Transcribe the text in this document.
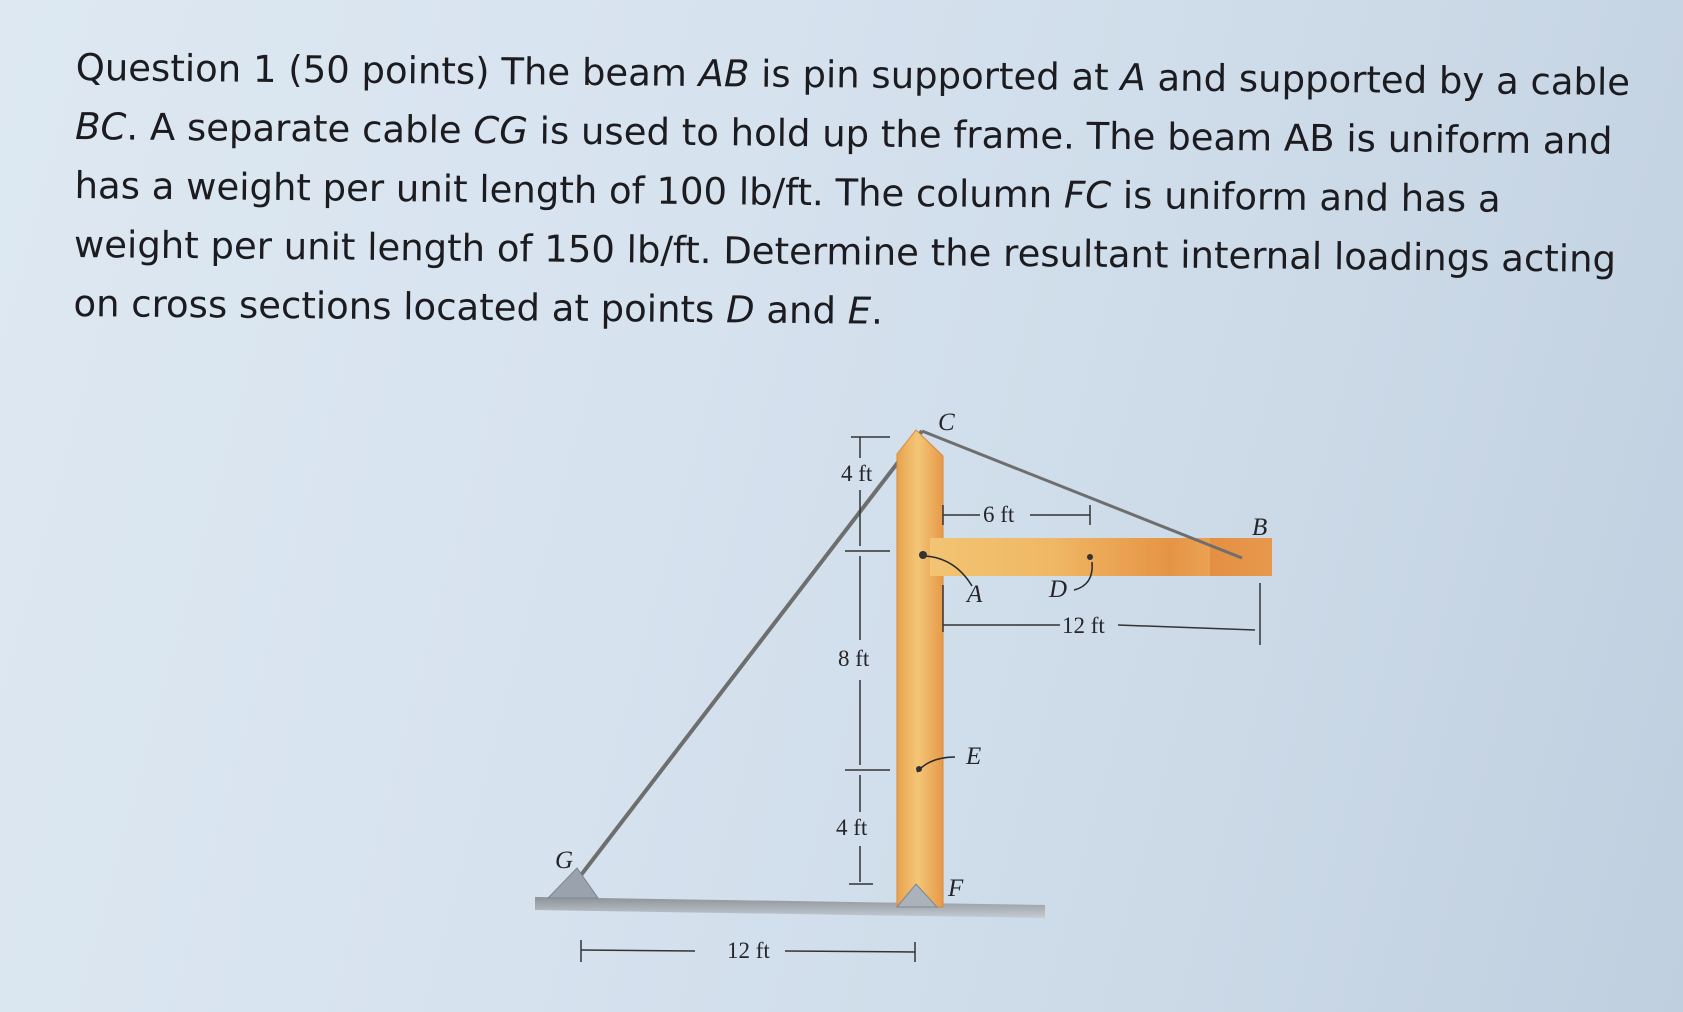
Question 1 (50 points) The beam AB is pin supported at A and supported by a cable BC. A separate cable CG is used to hold up the frame. The beam AB is uniform and has a weight per unit length of 100 lb/ft. The column FC is uniform and has a weight per unit length of 150 lb/ft. Determine the resultant internal loadings acting on cross sections located at points D and E.
C
B
A	D
E
F
G
4 ft
8 ft
4 ft
6 ft
12 ft
12 ft
